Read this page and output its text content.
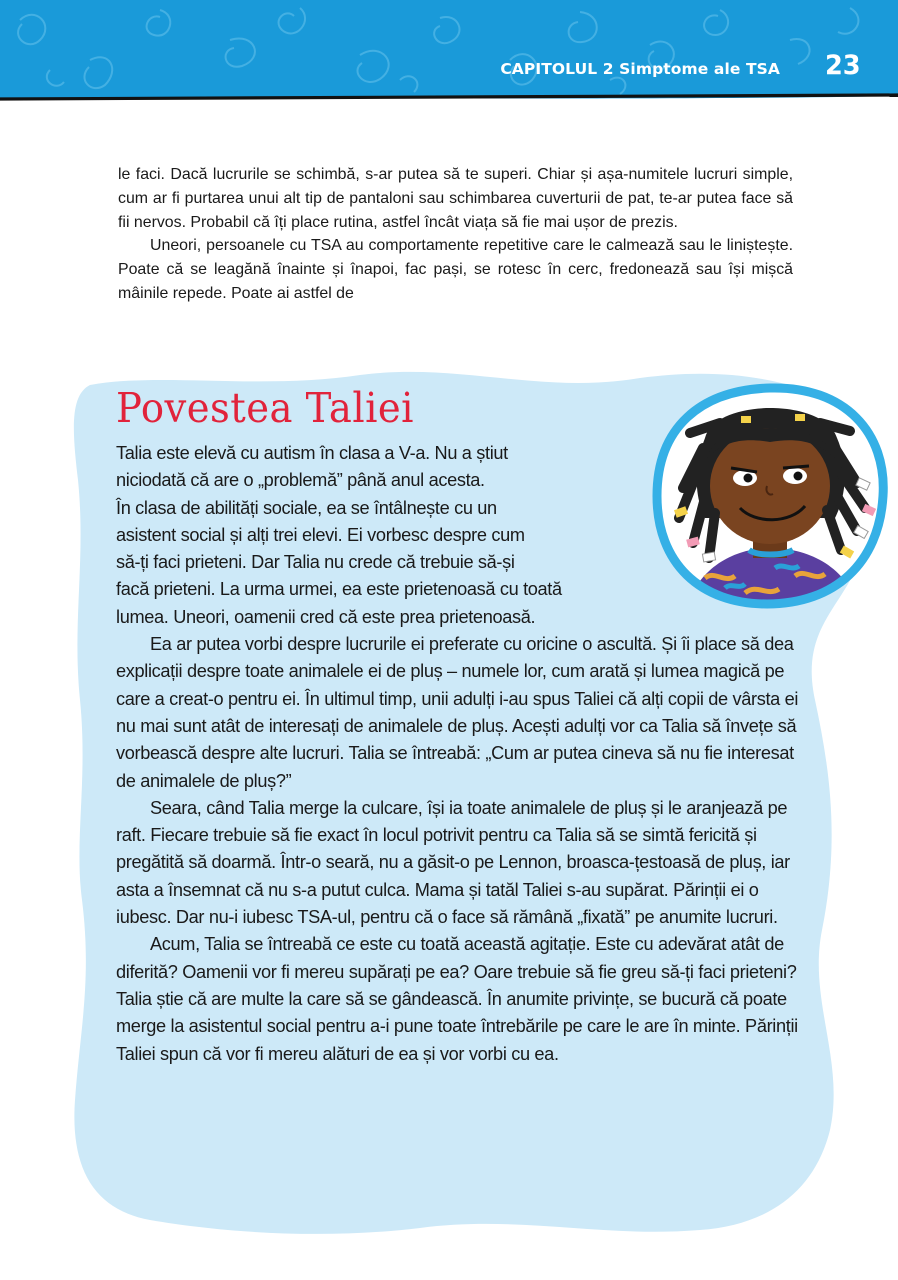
CAPITOLUL 2 Simptome ale TSA 23

le faci. Dacă lucrurile se schimbă, s-ar putea să te superi. Chiar și așa-numitele lucruri simple, cum ar fi purtarea unui alt tip de pantaloni sau schimbarea cuverturii de pat, te-ar putea face să fii nervos. Probabil că îți place rutina, astfel încât viața să fie mai ușor de prezis.

Uneori, persoanele cu TSA au comportamente repetitive care le calmează sau le liniștește. Poate că se leagănă înainte și înapoi, fac pași, se rotesc în cerc, fredonează sau își mișcă mâinile repede. Poate ai astfel de

Povestea Taliei
Talia este elevă cu autism în clasa a V-a. Nu a știut
niciodată că are o „problemă” până anul acesta.
În clasa de abilități sociale, ea se întâlnește cu un
asistent social și alți trei elevi. Ei vorbesc despre cum
să-ți faci prieteni. Dar Talia nu crede că trebuie să-și
facă prieteni. La urma urmei, ea este prietenoasă cu toată
lumea. Uneori, oamenii cred că este prea prietenoasă.

Ea ar putea vorbi despre lucrurile ei preferate cu oricine o ascultă. Și îi place să dea explicații despre toate animalele ei de pluș – numele lor, cum arată și lumea magică pe care a creat-o pentru ei. În ultimul timp, unii adulți i-au spus Taliei că alți copii de vârsta ei nu mai sunt atât de interesați de animalele de pluș. Acești adulți vor ca Talia să învețe să vorbească despre alte lucruri. Talia se întreabă: „Cum ar putea cineva să nu fie interesat de animalele de pluș?”

Seara, când Talia merge la culcare, își ia toate animalele de pluș și le aranjează pe raft. Fiecare trebuie să fie exact în locul potrivit pentru ca Talia să se simtă fericită și pregătită să doarmă. Într-o seară, nu a găsit-o pe Lennon, broasca-țestoasă de pluș, iar asta a însemnat că nu s-a putut culca. Mama și tatăl Taliei s-au supărat. Părinții ei o iubesc. Dar nu-i iubesc TSA-ul, pentru că o face să rămână „fixată” pe anumite lucruri.

Acum, Talia se întreabă ce este cu toată această agitație. Este cu adevărat atât de diferită? Oamenii vor fi mereu supărați pe ea? Oare trebuie să fie greu să-ți faci prieteni? Talia știe că are multe la care să se gândească. În anumite privințe, se bucură că poate merge la asistentul social pentru a-i pune toate întrebările pe care le are în minte. Părinții Taliei spun că vor fi mereu alături de ea și vor vorbi cu ea.
